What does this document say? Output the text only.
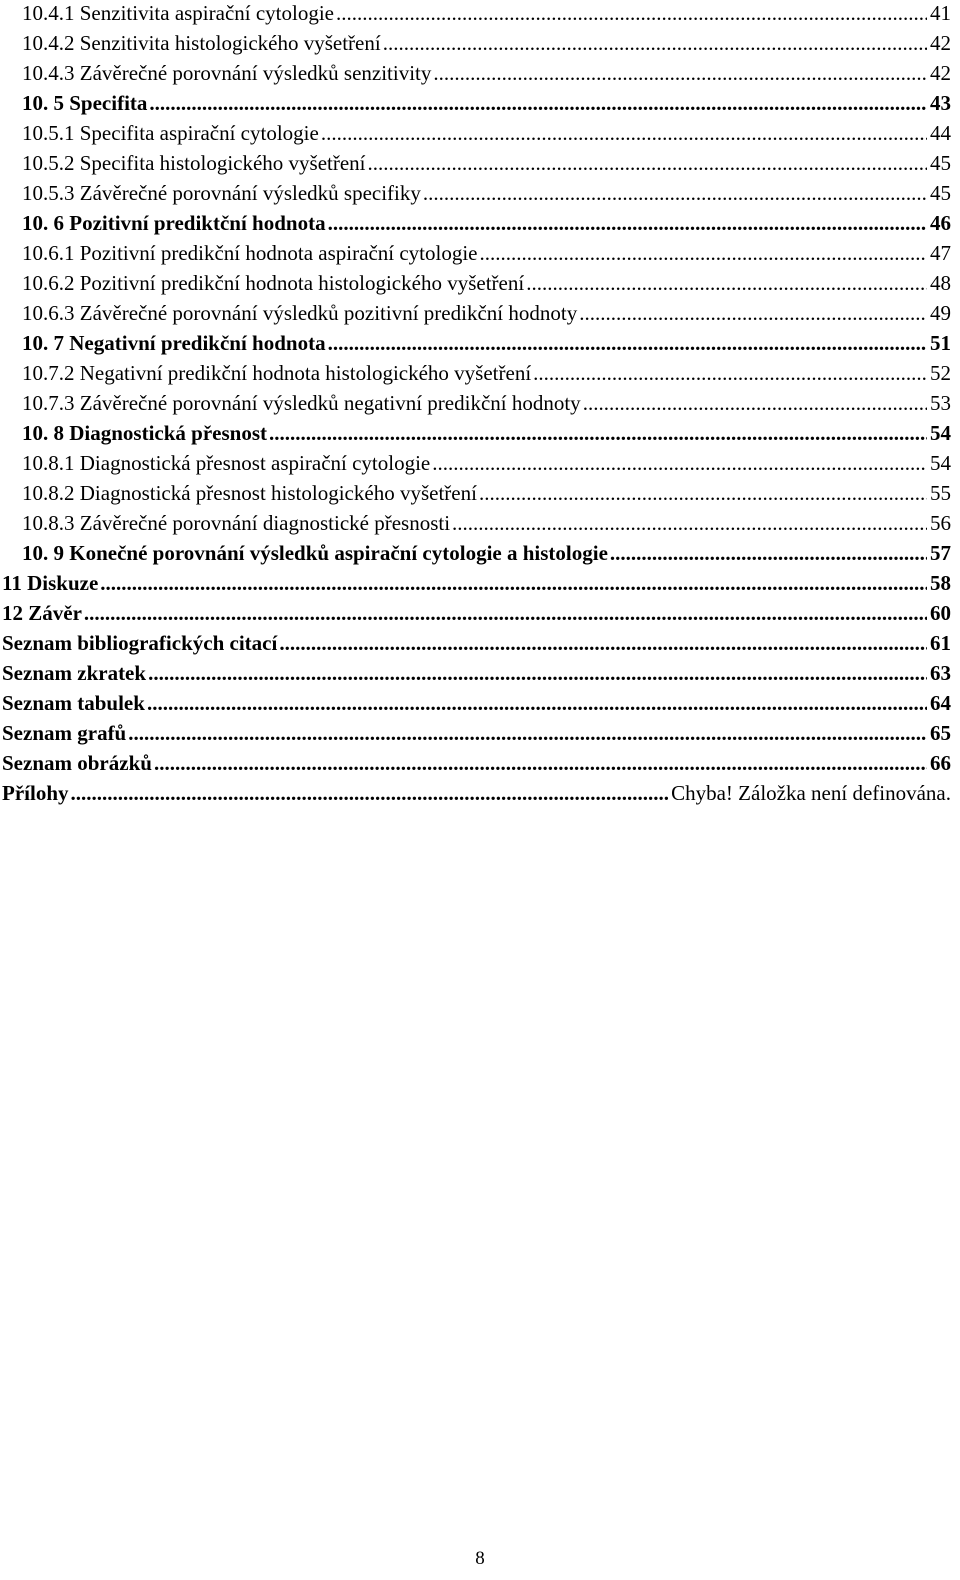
10.4.1 Senzitivita aspirační cytologie .....	41
10.4.2 Senzitivita histologického vyšetření .....	42
10.4.3 Závěrečné porovnání výsledků senzitivity .....	42
10. 5 Specifita .....	43
10.5.1 Specifita aspirační cytologie .....	44
10.5.2 Specifita histologického vyšetření .....	45
10.5.3 Závěrečné porovnání výsledků specifiky .....	45
10. 6 Pozitivní prediktční hodnota .....	46
10.6.1 Pozitivní predikční hodnota aspirační cytologie .....	47
10.6.2 Pozitivní predikční hodnota histologického vyšetření .....	48
10.6.3 Závěrečné porovnání výsledků pozitivní predikční hodnoty .....	49
10. 7 Negativní predikční hodnota .....	51
10.7.2 Negativní predikční hodnota histologického vyšetření .....	52
10.7.3 Závěrečné porovnání výsledků negativní predikční hodnoty .....	53
10. 8 Diagnostická přesnost .....	54
10.8.1 Diagnostická přesnost aspirační cytologie .....	54
10.8.2 Diagnostická přesnost histologického vyšetření .....	55
10.8.3 Závěrečné porovnání diagnostické přesnosti .....	56
10. 9 Konečné porovnání výsledků aspirační cytologie a histologie .....	57
11 Diskuze .....	58
12 Závěr .....	60
Seznam bibliografických citací .....	61
Seznam zkratek .....	63
Seznam tabulek .....	64
Seznam grafů .....	65
Seznam obrázků .....	66
Přílohy .....	Chyba! Záložka není definována.
8
